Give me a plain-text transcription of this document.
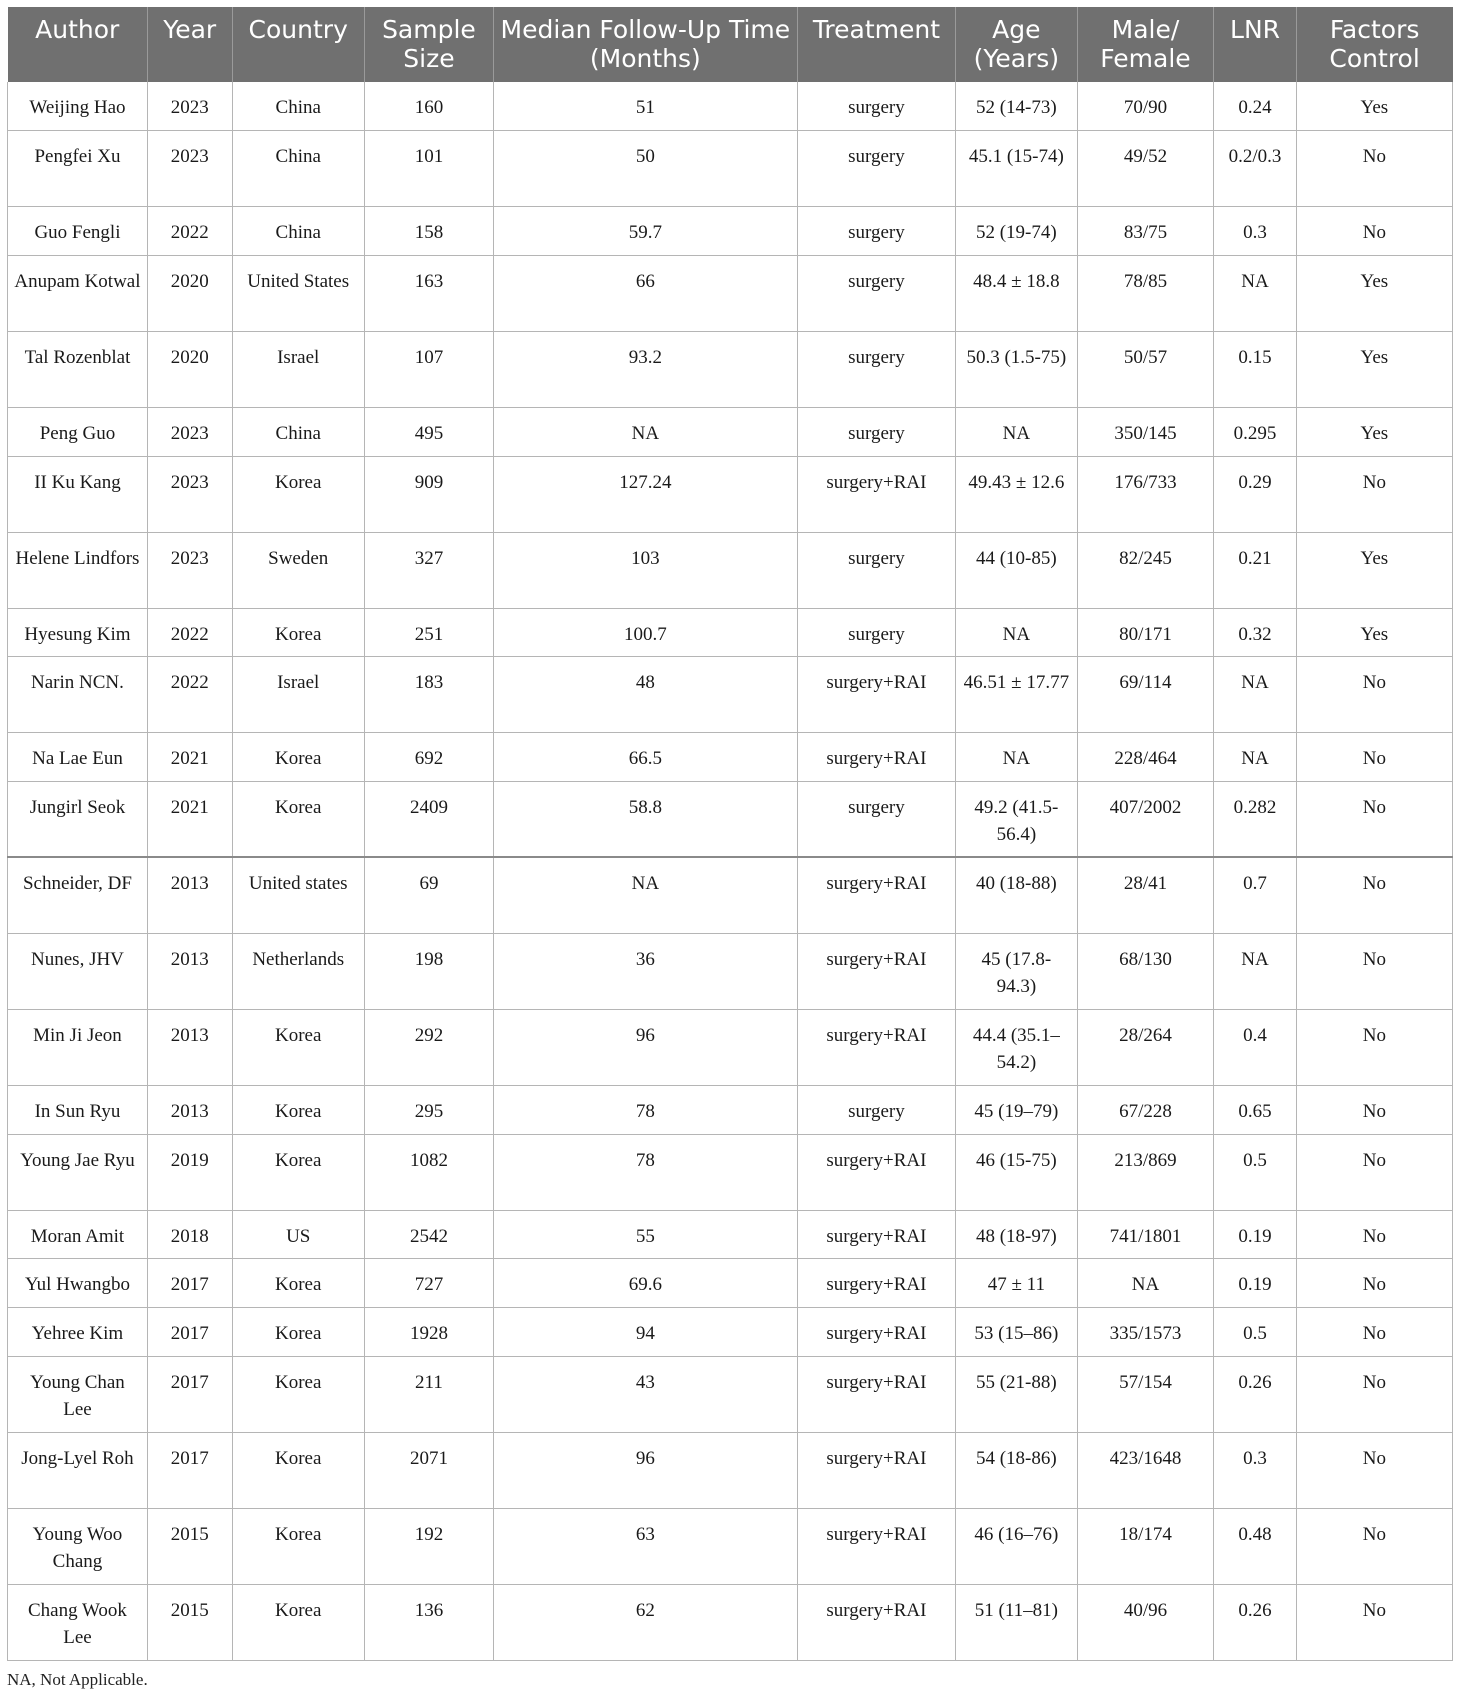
Author	Year	Country	Sample Size	Median Follow-Up Time (Months)	Treatment	Age (Years)	Male/ Female	LNR	Factors Control
Weijing Hao	2023	China	160	51	surgery	52 (14-73)	70/90	0.24	Yes
Pengfei Xu	2023	China	101	50	surgery	45.1 (15-74)	49/52	0.2/0.3	No
Guo Fengli	2022	China	158	59.7	surgery	52 (19-74)	83/75	0.3	No
Anupam Kotwal	2020	United States	163	66	surgery	48.4 ± 18.8	78/85	NA	Yes
Tal Rozenblat	2020	Israel	107	93.2	surgery	50.3 (1.5-75)	50/57	0.15	Yes
Peng Guo	2023	China	495	NA	surgery	NA	350/145	0.295	Yes
II Ku Kang	2023	Korea	909	127.24	surgery+RAI	49.43 ± 12.6	176/733	0.29	No
Helene Lindfors	2023	Sweden	327	103	surgery	44 (10-85)	82/245	0.21	Yes
Hyesung Kim	2022	Korea	251	100.7	surgery	NA	80/171	0.32	Yes
Narin NCN.	2022	Israel	183	48	surgery+RAI	46.51 ± 17.77	69/114	NA	No
Na Lae Eun	2021	Korea	692	66.5	surgery+RAI	NA	228/464	NA	No
Jungirl Seok	2021	Korea	2409	58.8	surgery	49.2 (41.5-56.4)	407/2002	0.282	No
Schneider, DF	2013	United states	69	NA	surgery+RAI	40 (18-88)	28/41	0.7	No
Nunes, JHV	2013	Netherlands	198	36	surgery+RAI	45 (17.8-94.3)	68/130	NA	No
Min Ji Jeon	2013	Korea	292	96	surgery+RAI	44.4 (35.1–54.2)	28/264	0.4	No
In Sun Ryu	2013	Korea	295	78	surgery	45 (19–79)	67/228	0.65	No
Young Jae Ryu	2019	Korea	1082	78	surgery+RAI	46 (15-75)	213/869	0.5	No
Moran Amit	2018	US	2542	55	surgery+RAI	48 (18-97)	741/1801	0.19	No
Yul Hwangbo	2017	Korea	727	69.6	surgery+RAI	47 ± 11	NA	0.19	No
Yehree Kim	2017	Korea	1928	94	surgery+RAI	53 (15–86)	335/1573	0.5	No
Young Chan Lee	2017	Korea	211	43	surgery+RAI	55 (21-88)	57/154	0.26	No
Jong-Lyel Roh	2017	Korea	2071	96	surgery+RAI	54 (18-86)	423/1648	0.3	No
Young Woo Chang	2015	Korea	192	63	surgery+RAI	46 (16–76)	18/174	0.48	No
Chang Wook Lee	2015	Korea	136	62	surgery+RAI	51 (11–81)	40/96	0.26	No
NA, Not Applicable.
